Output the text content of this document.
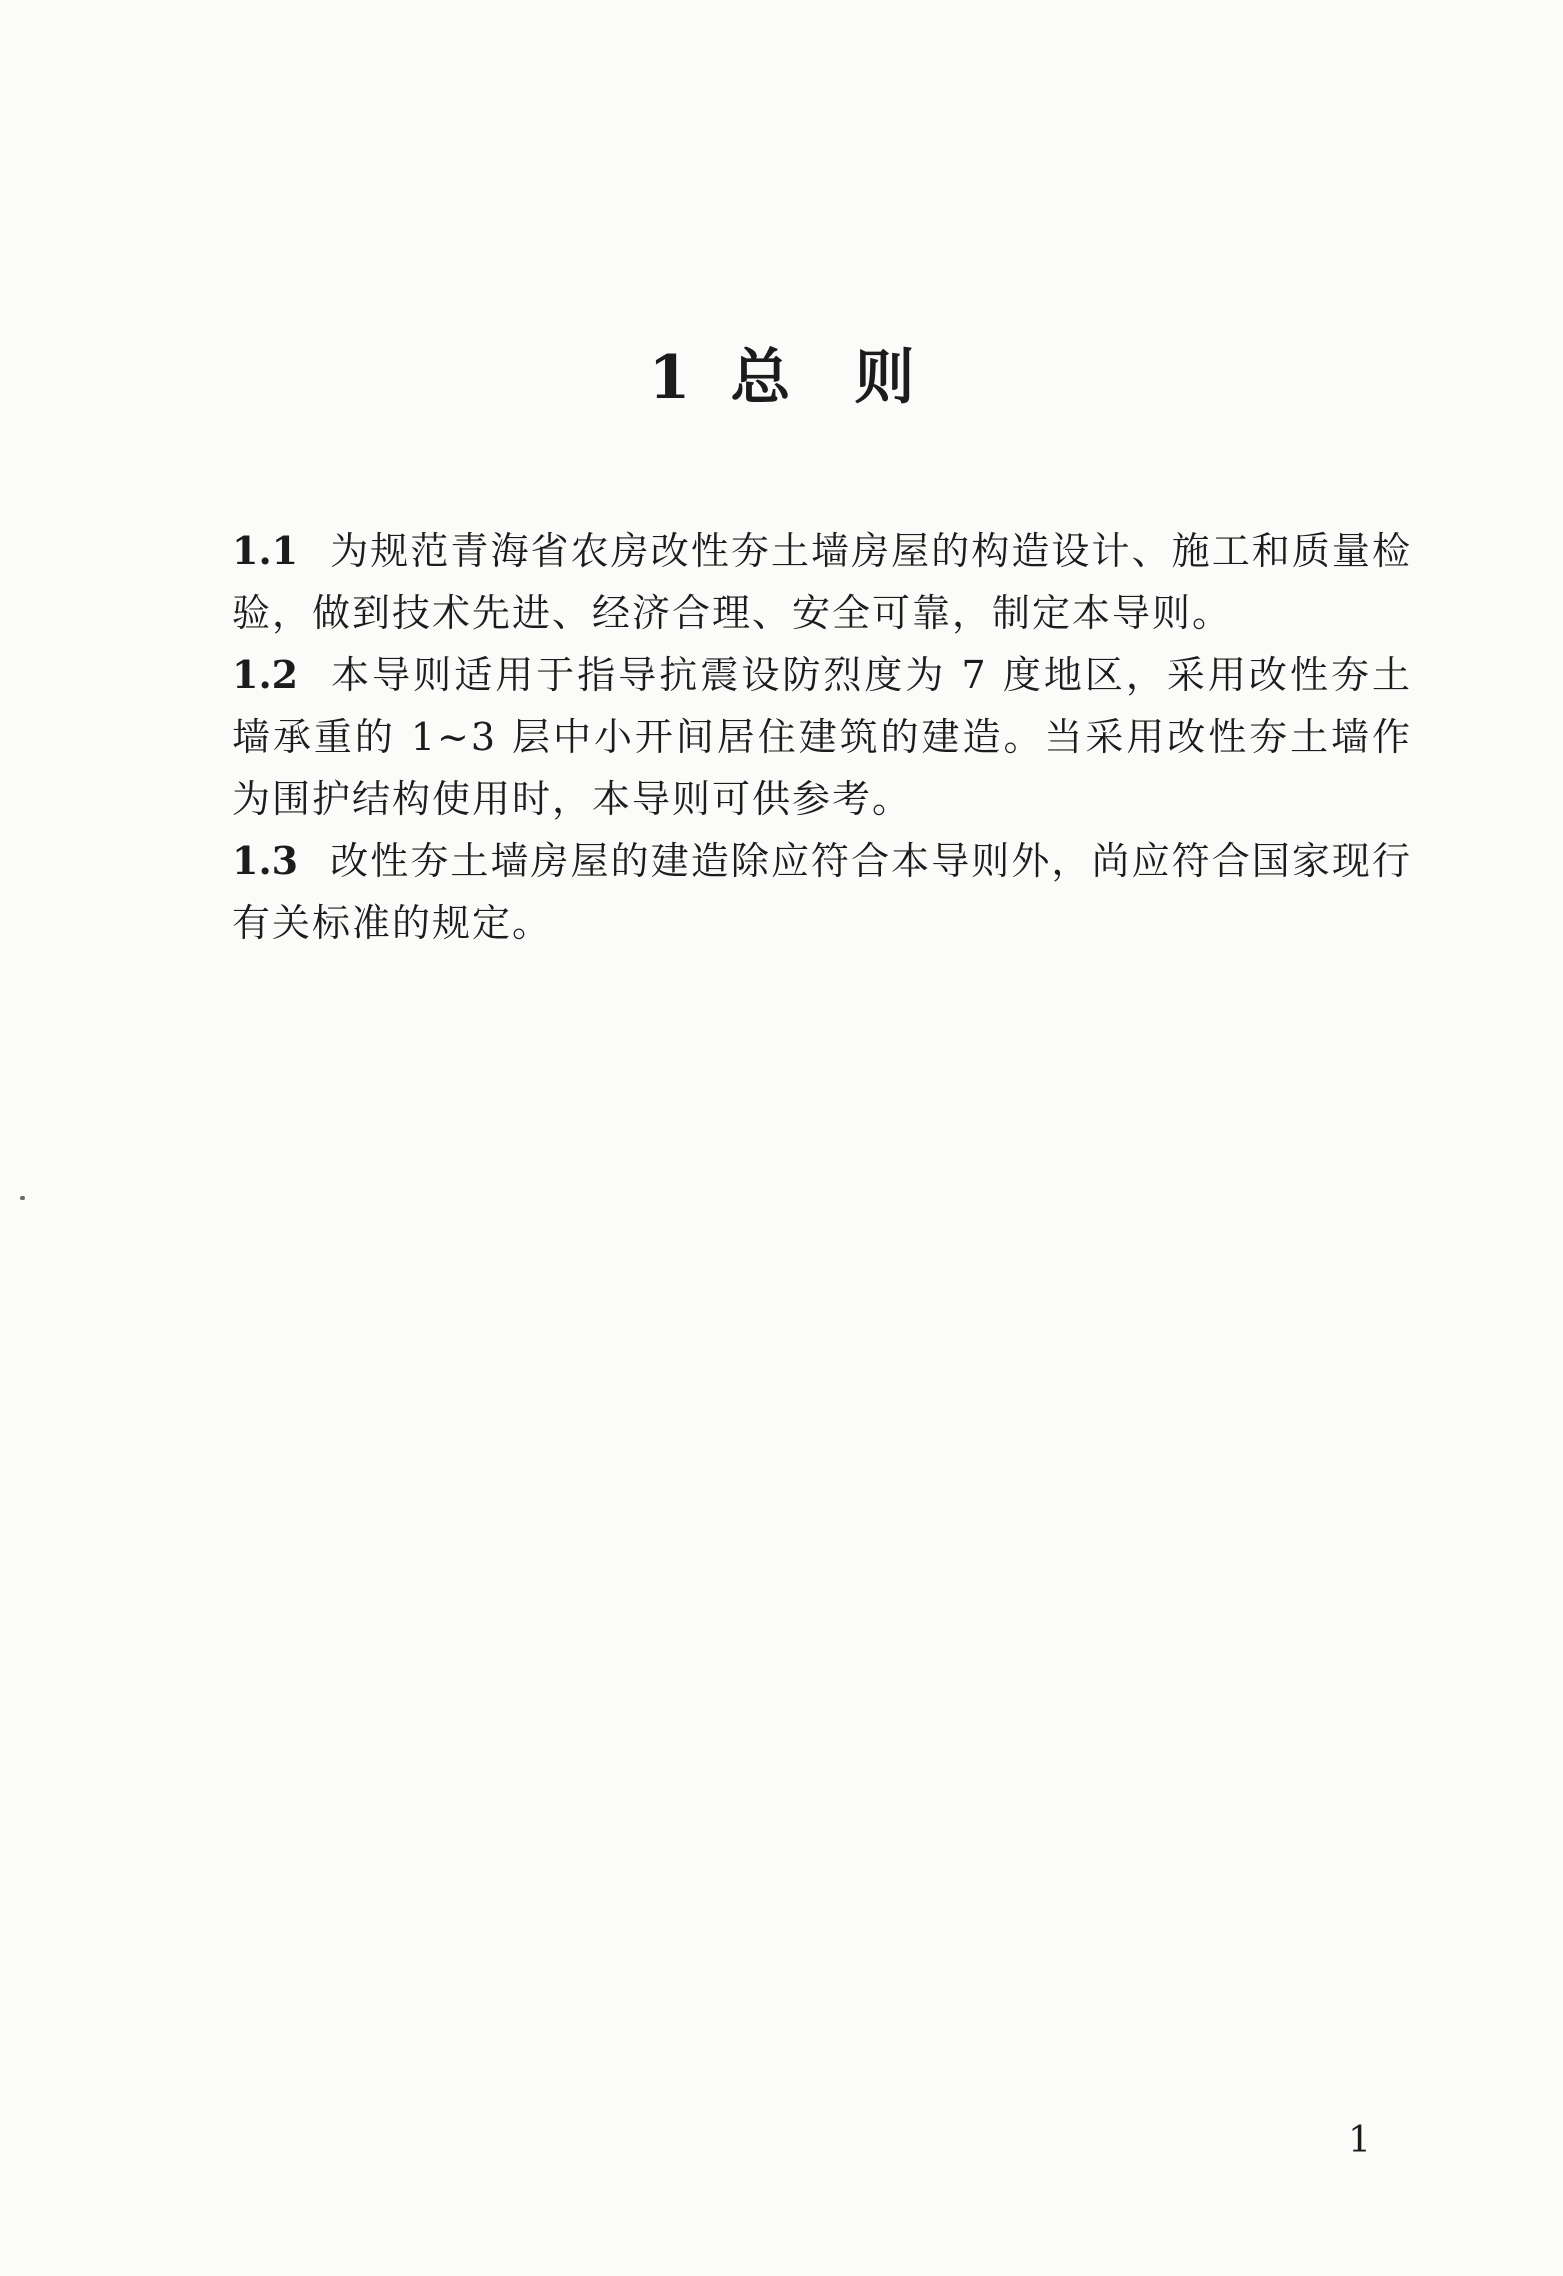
1 总 则

1.1 为规范青海省农房改性夯土墙房屋的构造设计、施工和质量检验，做到技术先进、经济合理、安全可靠，制定本导则。

1.2 本导则适用于指导抗震设防烈度为 7 度地区，采用改性夯土墙承重的 1~3 层中小开间居住建筑的建造。当采用改性夯土墙作为围护结构使用时，本导则可供参考。

1.3 改性夯土墙房屋的建造除应符合本导则外，尚应符合国家现行有关标准的规定。

1
